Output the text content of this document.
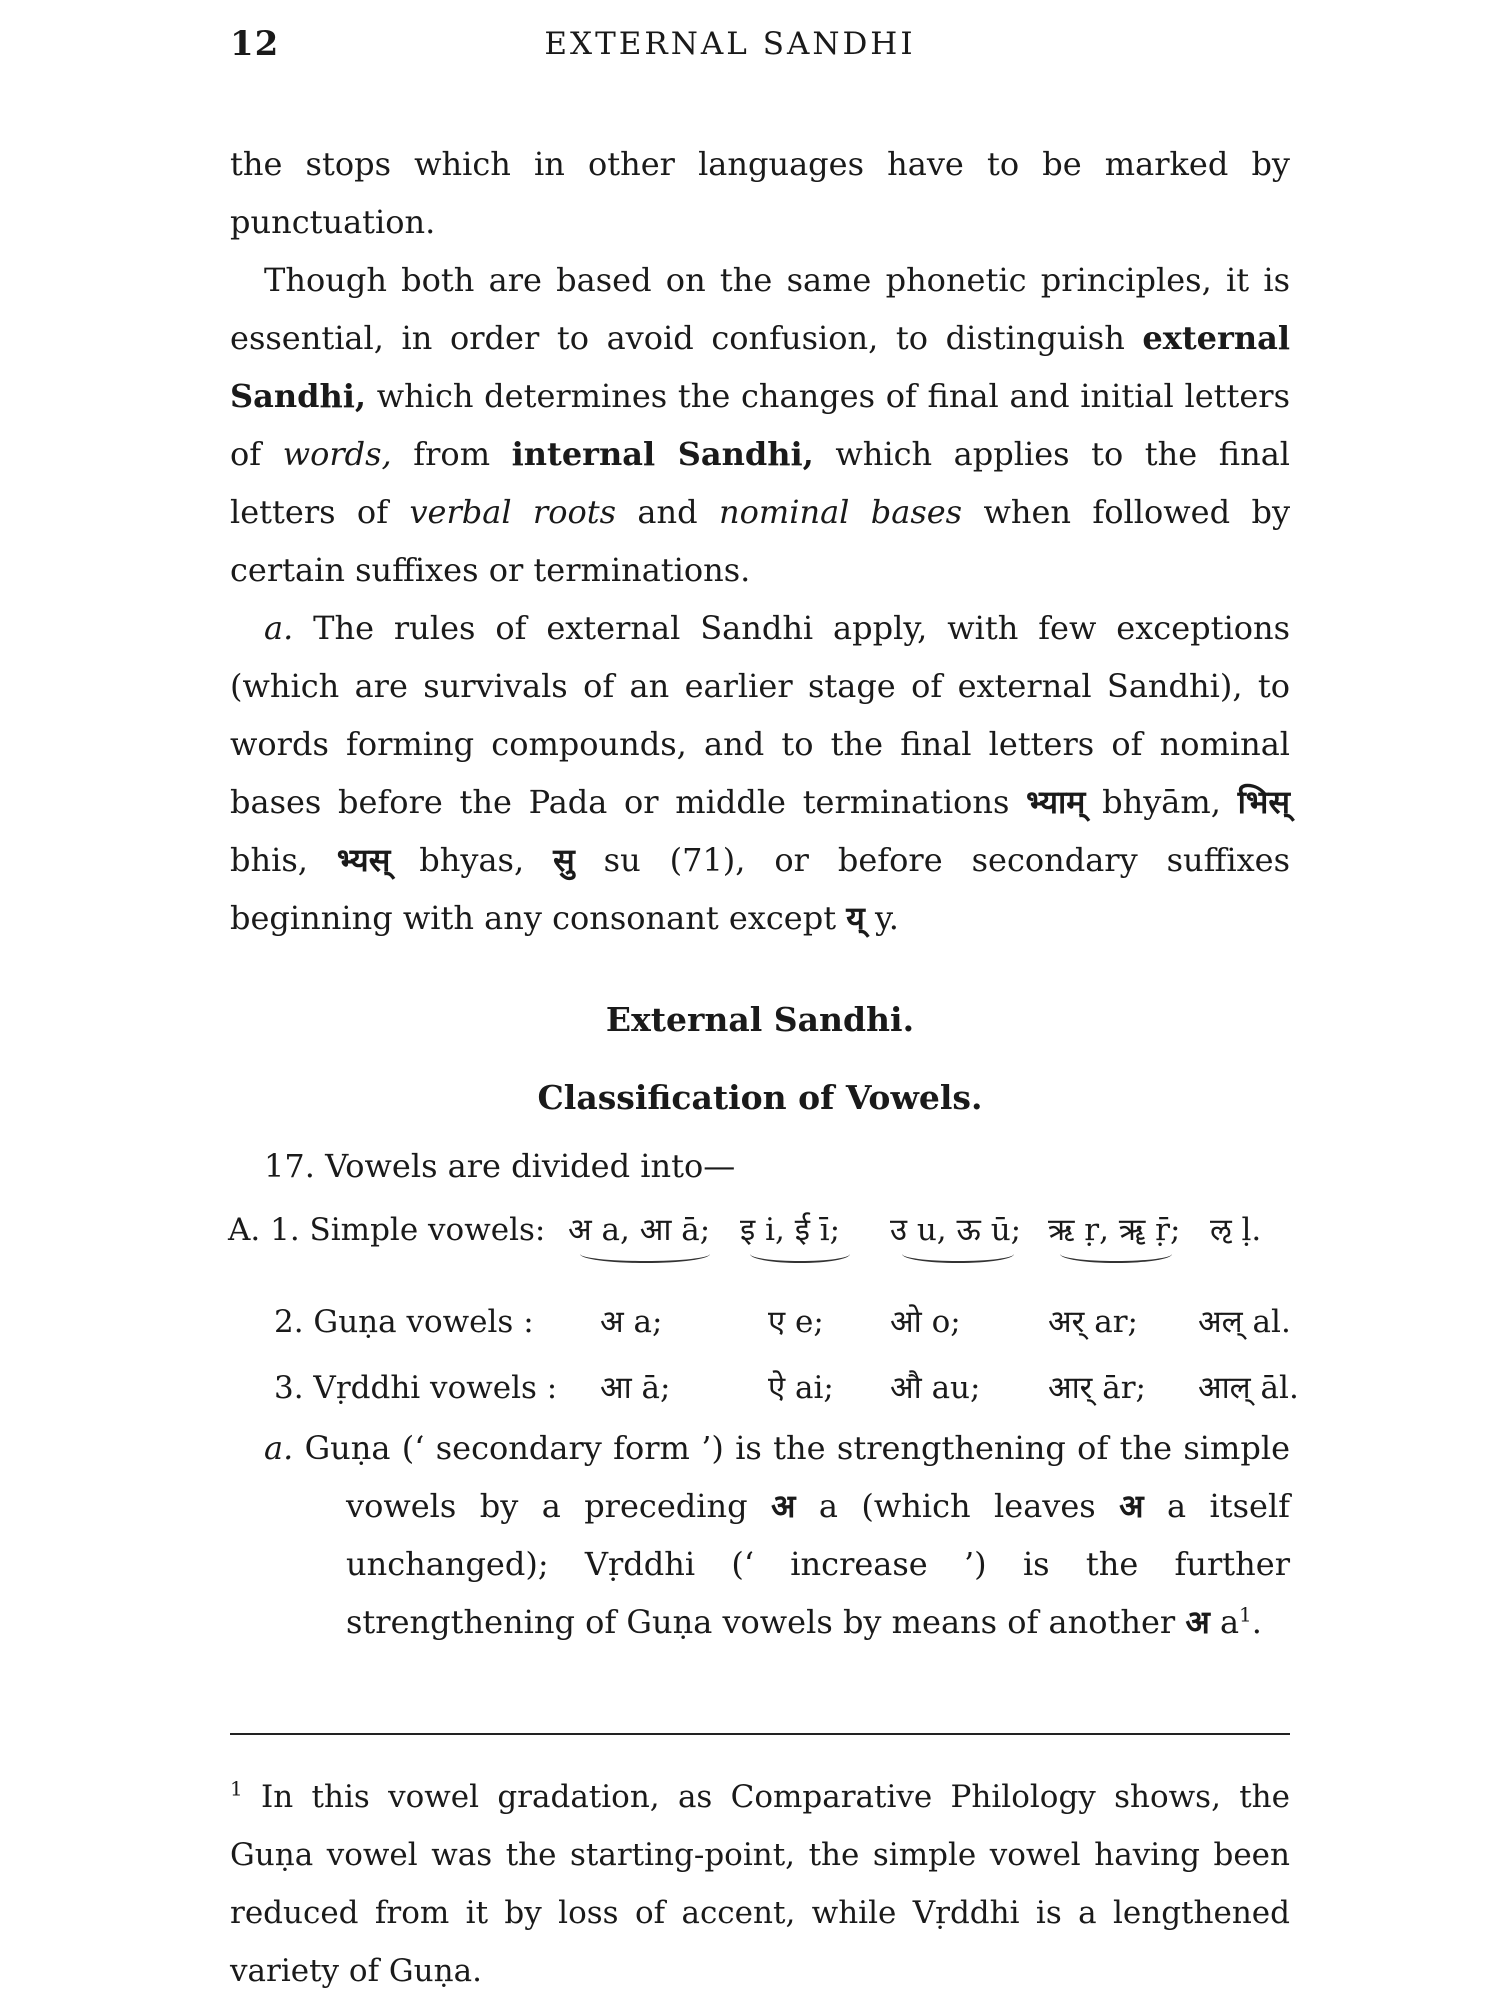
12	EXTERNAL SANDHI

the stops which in other languages have to be marked by punctuation.

Though both are based on the same phonetic principles, it is essential, in order to avoid confusion, to distinguish external Sandhi, which determines the changes of final and initial letters of words, from internal Sandhi, which applies to the final letters of verbal roots and nominal bases when followed by certain suffixes or terminations.

a. The rules of external Sandhi apply, with few exceptions (which are survivals of an earlier stage of external Sandhi), to words forming compounds, and to the final letters of nominal bases before the Pada or middle terminations भ्याम् bhyām, भिस् bhis, भ्यस् bhyas, सु su (71), or before secondary suffixes beginning with any consonant except य् y.

External Sandhi.
Classification of Vowels.

17. Vowels are divided into—

A. 1. Simple vowels: अ a, आ ā; इ i, ई ī; उ u, ऊ ū; ऋ ṛ, ॠ ṝ; ऌ ḷ.
2. Guṇa vowels : अ a;	ए e; ओ o;	अर् ar; अल् al.
3. Vṛddhi vowels : आ ā;	ऐ ai; औ au; आर् ār; आल् āl.

a. Guṇa (‘ secondary form ’) is the strengthening of the simple vowels by a preceding अ a (which leaves अ a itself unchanged); Vṛddhi (‘ increase ’) is the further strengthening of Guṇa vowels by means of another अ $a^1$.

$^1$ In this vowel gradation, as Comparative Philology shows, the Guṇa vowel was the starting-point, the simple vowel having been reduced from it by loss of accent, while Vṛddhi is a lengthened variety of Guṇa.
